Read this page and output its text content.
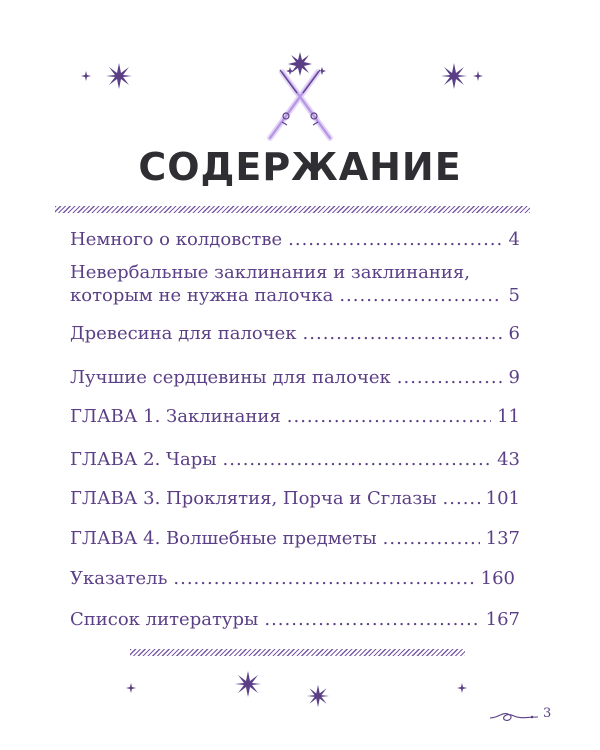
СОДЕРЖАНИЕ
Немного о колдовстве .....	4
Невербальные заклинания и заклинания,
которым не нужна палочка .....	5
Древесина для палочек .....	6
Лучшие сердцевины для палочек .....	9
ГЛАВА 1. Заклинания .....	11
ГЛАВА 2. Чары .....	43
ГЛАВА 3. Проклятия, Порча и Сглазы .....	101
ГЛАВА 4. Волшебные предметы .....	137
Указатель .....	160
Список литературы .....	167
3
